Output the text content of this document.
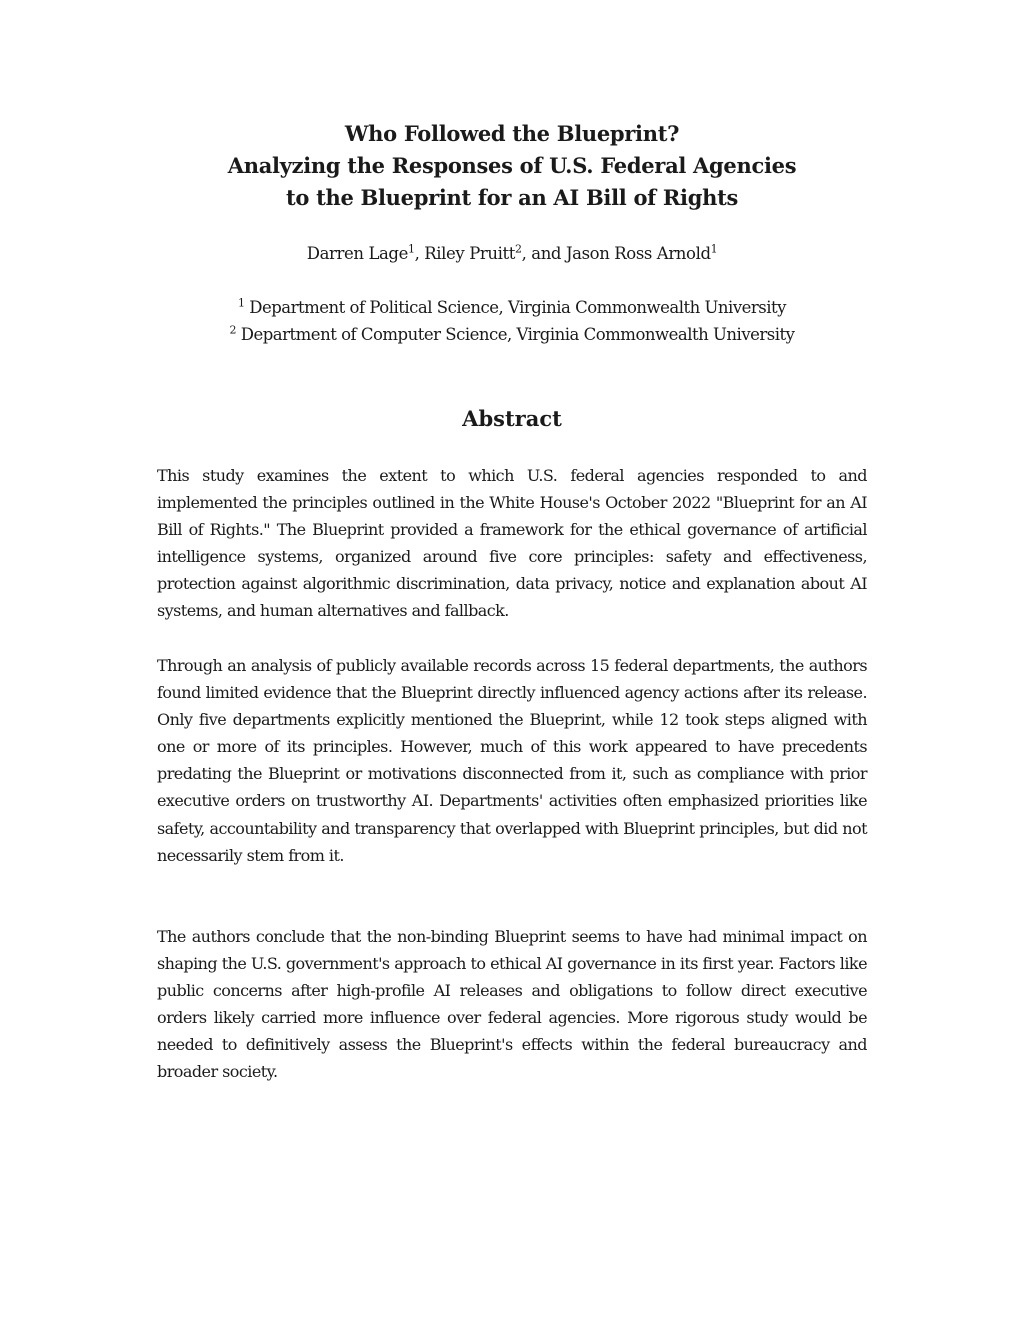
Who Followed the Blueprint?
Analyzing the Responses of U.S. Federal Agencies
to the Blueprint for an AI Bill of Rights

Darren Lage$^1$, Riley Pruitt$^2$, and Jason Ross Arnold$^1$

$^1$ Department of Political Science, Virginia Commonwealth University
$^2$ Department of Computer Science, Virginia Commonwealth University

Abstract

This study examines the extent to which U.S. federal agencies responded to and implemented the principles outlined in the White House's October 2022 "Blueprint for an AI Bill of Rights." The Blueprint provided a framework for the ethical governance of artificial intelligence systems, organized around five core principles: safety and effectiveness, protection against algorithmic discrimination, data privacy, notice and explanation about AI systems, and human alternatives and fallback.

Through an analysis of publicly available records across 15 federal departments, the authors found limited evidence that the Blueprint directly influenced agency actions after its release. Only five departments explicitly mentioned the Blueprint, while 12 took steps aligned with one or more of its principles. However, much of this work appeared to have precedents predating the Blueprint or motivations disconnected from it, such as compliance with prior executive orders on trustworthy AI. Departments' activities often emphasized priorities like safety, accountability and transparency that overlapped with Blueprint principles, but did not necessarily stem from it.

The authors conclude that the non-binding Blueprint seems to have had minimal impact on shaping the U.S. government's approach to ethical AI governance in its first year. Factors like public concerns after high-profile AI releases and obligations to follow direct executive orders likely carried more influence over federal agencies. More rigorous study would be needed to definitively assess the Blueprint's effects within the federal bureaucracy and broader society.
